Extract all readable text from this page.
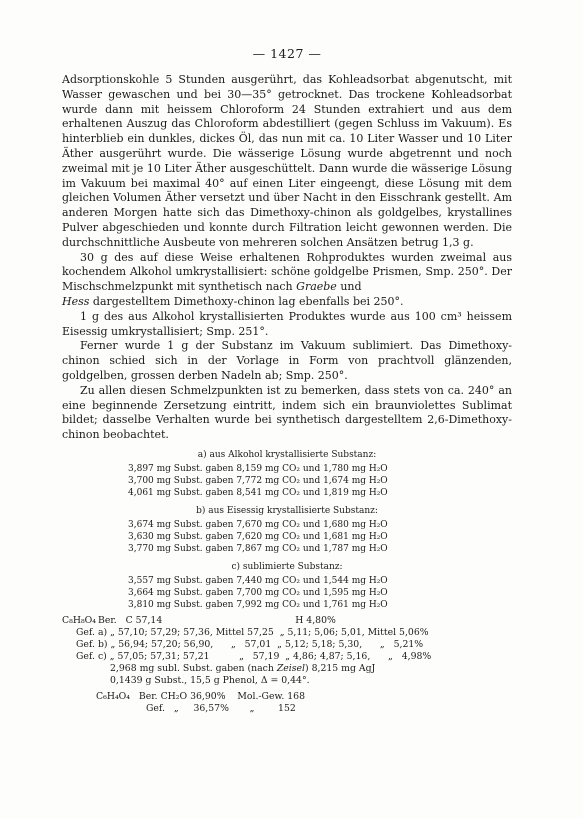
— 1427 —

Adsorptionskohle 5 Stunden ausgerührt, das Kohleadsorbat abgenutscht, mit Wasser gewaschen und bei 30—35° getrocknet. Das trockene Kohleadsorbat wurde dann mit heissem Chloroform 24 Stunden extrahiert und aus dem erhaltenen Auszug das Chloroform abdestilliert (gegen Schluss im Vakuum). Es hinterblieb ein dunkles, dickes Öl, das nun mit ca. 10 Liter Wasser und 10 Liter Äther ausgerührt wurde. Die wässerige Lösung wurde abgetrennt und noch zweimal mit je 10 Liter Äther ausgeschüttelt. Dann wurde die wässerige Lösung im Vakuum bei maximal 40° auf einen Liter eingeengt, diese Lösung mit dem gleichen Volumen Äther versetzt und über Nacht in den Eisschrank gestellt. Am anderen Morgen hatte sich das Dimethoxy-chinon als goldgelbes, krystallines Pulver abgeschieden und konnte durch Filtration leicht gewonnen werden. Die durchschnittliche Ausbeute von mehreren solchen Ansätzen betrug 1,3 g.

30 g des auf diese Weise erhaltenen Rohproduktes wurden zweimal aus kochendem Alkohol umkrystallisiert: schöne goldgelbe Prismen, Smp. 250°. Der Mischschmelzpunkt mit synthetisch nach Graebe und
Hess dargestelltem Dimethoxy-chinon lag ebenfalls bei 250°.

1 g des aus Alkohol krystallisierten Produktes wurde aus 100 cm³ heissem Eisessig umkrystallisiert; Smp. 251°.

Ferner wurde 1 g der Substanz im Vakuum sublimiert. Das Dimethoxy-chinon schied sich in der Vorlage in Form von prachtvoll glänzenden, goldgelben, grossen derben Nadeln ab; Smp. 250°.

Zu allen diesen Schmelzpunkten ist zu bemerken, dass stets von ca. 240° an eine beginnende Zersetzung eintritt, indem sich ein braunviolettes Sublimat bildet; dasselbe Verhalten wurde bei synthetisch dargestelltem 2,6-Dimethoxy-chinon beobachtet.

a) aus Alkohol krystallisierte Substanz:
3,897 mg Subst. gaben 8,159 mg CO₂ und 1,780 mg H₂O
3,700 mg Subst. gaben 7,772 mg CO₂ und 1,674 mg H₂O
4,061 mg Subst. gaben 8,541 mg CO₂ und 1,819 mg H₂O
b) aus Eisessig krystallisierte Substanz:
3,674 mg Subst. gaben 7,670 mg CO₂ und 1,680 mg H₂O
3,630 mg Subst. gaben 7,620 mg CO₂ und 1,681 mg H₂O
3,770 mg Subst. gaben 7,867 mg CO₂ und 1,787 mg H₂O
c) sublimierte Substanz:
3,557 mg Subst. gaben 7,440 mg CO₂ und 1,544 mg H₂O
3,664 mg Subst. gaben 7,700 mg CO₂ und 1,595 mg H₂O
3,810 mg Subst. gaben 7,992 mg CO₂ und 1,761 mg H₂O
C₈H₈O₄ Ber.   C 57,14                                             H 4,80%
Gef. a) „ 57,10; 57,29; 57,36, Mittel 57,25  „ 5,11; 5,06; 5,01, Mittel 5,06%
Gef. b) „ 56,94; 57,20; 56,90,      „   57,01  „ 5,12; 5,18; 5,30,      „   5,21%
Gef. c) „ 57,05; 57,31; 57,21          „   57,19  „ 4,86; 4,87; 5,16,      „   4,98%
2,968 mg subl. Subst. gaben (nach Zeisel) 8,215 mg AgJ
0,1439 g Subst., 15,5 g Phenol, Δ = 0,44°.
C₆H₄O₄ Ber. CH₂O 36,90%    Mol.-Gew. 168
Gef.   „     36,57%       „        152
